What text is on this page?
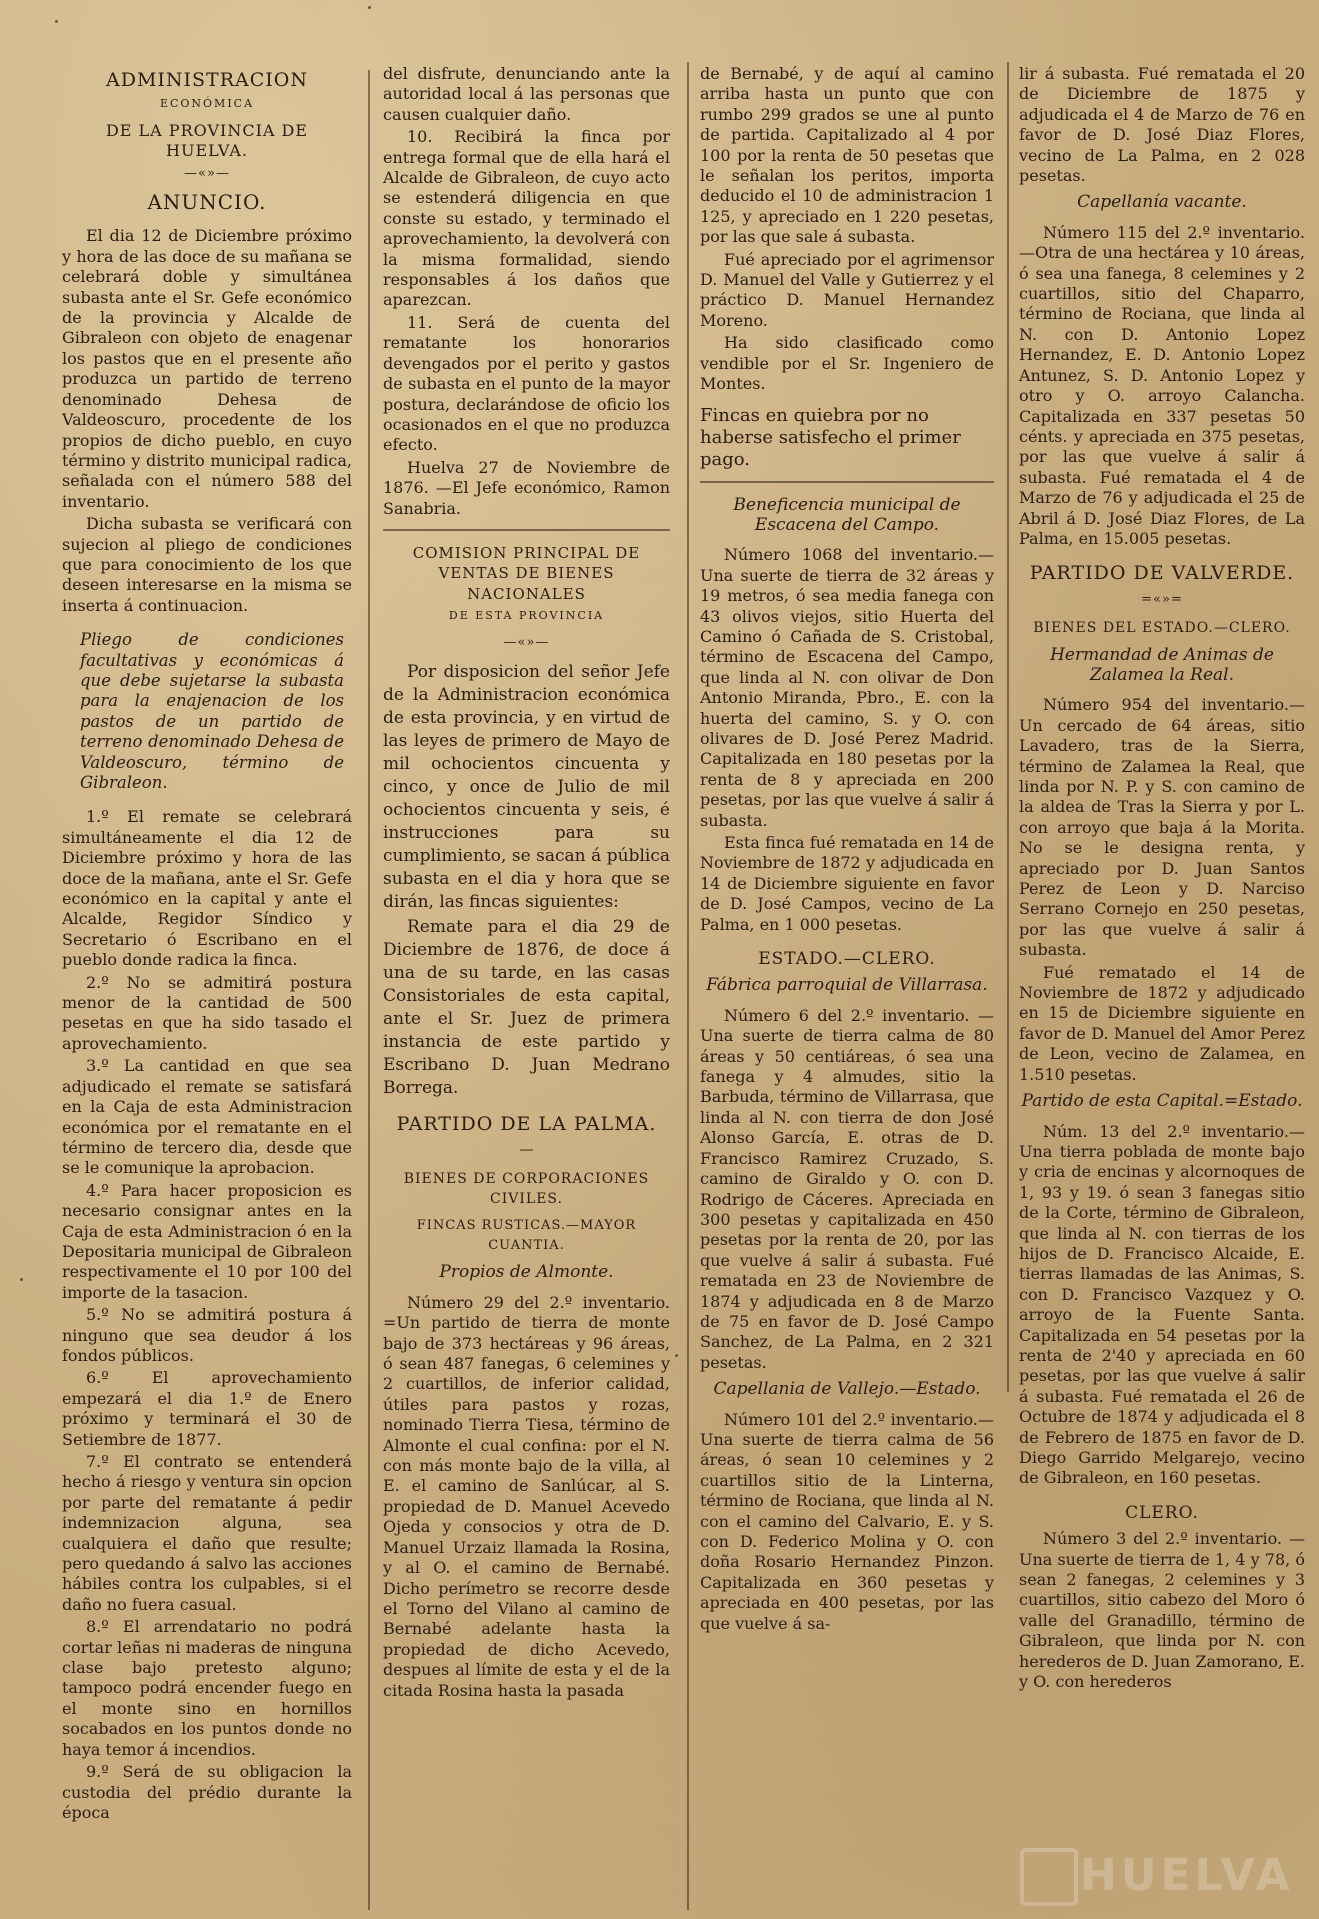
ADMINISTRACION
ECONÓMICA
DE LA PROVINCIA DE HUELVA.
—«»—
ANUNCIO.

El dia 12 de Diciembre próximo y hora de las doce de su mañana se celebrará doble y simultánea subasta ante el Sr. Gefe económico de la provincia y Alcalde de Gibraleon con objeto de enagenar los pastos que en el presente año produzca un partido de terreno denominado Dehesa de Valdeoscuro, procedente de los propios de dicho pueblo, en cuyo término y distrito municipal radica, señalada con el número 588 del inventario.

Dicha subasta se verificará con sujecion al pliego de condiciones que para conocimiento de los que deseen interesarse en la misma se inserta á continuacion.

Pliego de condiciones facultativas y económicas á que debe sujetarse la subasta para la enajenacion de los pastos de un partido de terreno denominado Dehesa de Valdeoscuro, término de Gibraleon.

1.º El remate se celebrará simultáneamente el dia 12 de Diciembre próximo y hora de las doce de la mañana, ante el Sr. Gefe económico en la capital y ante el Alcalde, Regidor Síndico y Secretario ó Escribano en el pueblo donde radica la finca.

2.º No se admitirá postura menor de la cantidad de 500 pesetas en que ha sido tasado el aprovechamiento.

3.º La cantidad en que sea adjudicado el remate se satisfará en la Caja de esta Administracion económica por el rematante en el término de tercero dia, desde que se le comunique la aprobacion.

4.º Para hacer proposicion es necesario consignar antes en la Caja de esta Administracion ó en la Depositaria municipal de Gibraleon respectivamente el 10 por 100 del importe de la tasacion.

5.º No se admitirá postura á ninguno que sea deudor á los fondos públicos.

6.º El aprovechamiento empezará el dia 1.º de Enero próximo y terminará el 30 de Setiembre de 1877.

7.º El contrato se entenderá hecho á riesgo y ventura sin opcion por parte del rematante á pedir indemnizacion alguna, sea cualquiera el daño que resulte; pero quedando á salvo las acciones hábiles contra los culpables, si el daño no fuera casual.

8.º El arrendatario no podrá cortar leñas ni maderas de ninguna clase bajo pretesto alguno; tampoco podrá encender fuego en el monte sino en hornillos socabados en los puntos donde no haya temor á incendios.

9.º Será de su obligacion la custodia del prédio durante la época

del disfrute, denunciando ante la autoridad local á las personas que causen cualquier daño.

10. Recibirá la finca por entrega formal que de ella hará el Alcalde de Gibraleon, de cuyo acto se estenderá diligencia en que conste su estado, y terminado el aprovechamiento, la devolverá con la misma formalidad, siendo responsables á los daños que aparezcan.

11. Será de cuenta del rematante los honorarios devengados por el perito y gastos de subasta en el punto de la mayor postura, declarándose de oficio los ocasionados en el que no produzca efecto.

Huelva 27 de Noviembre de 1876. —El Jefe económico, Ramon Sanabria.

COMISION PRINCIPAL DE VENTAS DE BIENES NACIONALES
DE ESTA PROVINCIA
—«»—

Por disposicion del señor Jefe de la Administracion económica de esta provincia, y en virtud de las leyes de primero de Mayo de mil ochocientos cincuenta y cinco, y once de Julio de mil ochocientos cincuenta y seis, é instrucciones para su cumplimiento, se sacan á pública subasta en el dia y hora que se dirán, las fincas siguientes:

Remate para el dia 29 de Diciembre de 1876, de doce á una de su tarde, en las casas Consistoriales de esta capital, ante el Sr. Juez de primera instancia de este partido y Escribano D. Juan Medrano Borrega.

PARTIDO DE LA PALMA.
—
BIENES DE CORPORACIONES CIVILES.
FINCAS RUSTICAS.—MAYOR CUANTIA.
Propios de Almonte.

Número 29 del 2.º inventario. =Un partido de tierra de monte bajo de 373 hectáreas y 96 áreas, ó sean 487 fanegas, 6 celemines y 2 cuartillos, de inferior calidad, útiles para pastos y rozas, nominado Tierra Tiesa, término de Almonte el cual confina: por el N. con más monte bajo de la villa, al E. el camino de Sanlúcar, al S. propiedad de D. Manuel Acevedo Ojeda y consocios y otra de D. Manuel Urzaiz llamada la Rosina, y al O. el camino de Bernabé. Dicho perímetro se recorre desde el Torno del Vilano al camino de Bernabé adelante hasta la propiedad de dicho Acevedo, despues al límite de esta y el de la citada Rosina hasta la pasada

de Bernabé, y de aquí al camino arriba hasta un punto que con rumbo 299 grados se une al punto de partida. Capitalizado al 4 por 100 por la renta de 50 pesetas que le señalan los peritos, importa deducido el 10 de administracion 1 125, y apreciado en 1 220 pesetas, por las que sale á subasta.

Fué apreciado por el agrimensor D. Manuel del Valle y Gutierrez y el práctico D. Manuel Hernandez Moreno.

Ha sido clasificado como vendible por el Sr. Ingeniero de Montes.

Fincas en quiebra por no haberse satisfecho el primer pago.
Beneficencia municipal de Escacena del Campo.

Número 1068 del inventario.— Una suerte de tierra de 32 áreas y 19 metros, ó sea media fanega con 43 olivos viejos, sitio Huerta del Camino ó Cañada de S. Cristobal, término de Escacena del Campo, que linda al N. con olivar de Don Antonio Miranda, Pbro., E. con la huerta del camino, S. y O. con olivares de D. José Perez Madrid. Capitalizada en 180 pesetas por la renta de 8 y apreciada en 200 pesetas, por las que vuelve á salir á subasta.

Esta finca fué rematada en 14 de Noviembre de 1872 y adjudicada en 14 de Diciembre siguiente en favor de D. José Campos, vecino de La Palma, en 1 000 pesetas.

ESTADO.—CLERO.
Fábrica parroquial de Villarrasa.

Número 6 del 2.º inventario. —Una suerte de tierra calma de 80 áreas y 50 centiáreas, ó sea una fanega y 4 almudes, sitio la Barbuda, término de Villarrasa, que linda al N. con tierra de don José Alonso García, E. otras de D. Francisco Ramirez Cruzado, S. camino de Giraldo y O. con D. Rodrigo de Cáceres. Apreciada en 300 pesetas y capitalizada en 450 pesetas por la renta de 20, por las que vuelve á salir á subasta. Fué rematada en 23 de Noviembre de 1874 y adjudicada en 8 de Marzo de 75 en favor de D. José Campo Sanchez, de La Palma, en 2 321 pesetas.

Capellania de Vallejo.—Estado.

Número 101 del 2.º inventario.—Una suerte de tierra calma de 56 áreas, ó sean 10 celemines y 2 cuartillos sitio de la Linterna, término de Rociana, que linda al N. con el camino del Calvario, E. y S. con D. Federico Molina y O. con doña Rosario Hernandez Pinzon. Capitalizada en 360 pesetas y apreciada en 400 pesetas, por las que vuelve á sa-

lir á subasta. Fué rematada el 20 de Diciembre de 1875 y adjudicada el 4 de Marzo de 76 en favor de D. José Diaz Flores, vecino de La Palma, en 2 028 pesetas.

Capellanía vacante.

Número 115 del 2.º inventario. —Otra de una hectárea y 10 áreas, ó sea una fanega, 8 celemines y 2 cuartillos, sitio del Chaparro, término de Rociana, que linda al N. con D. Antonio Lopez Hernandez, E. D. Antonio Lopez Antunez, S. D. Antonio Lopez y otro y O. arroyo Calancha. Capitalizada en 337 pesetas 50 cénts. y apreciada en 375 pesetas, por las que vuelve á salir á subasta. Fué rematada el 4 de Marzo de 76 y adjudicada el 25 de Abril á D. José Diaz Flores, de La Palma, en 15.005 pesetas.

PARTIDO DE VALVERDE.
=«»=
BIENES DEL ESTADO.—CLERO.
Hermandad de Animas de Zalamea la Real.

Número 954 del inventario.— Un cercado de 64 áreas, sitio Lavadero, tras de la Sierra, término de Zalamea la Real, que linda por N. P. y S. con camino de la aldea de Tras la Sierra y por L. con arroyo que baja á la Morita. No se le designa renta, y apreciado por D. Juan Santos Perez de Leon y D. Narciso Serrano Cornejo en 250 pesetas, por las que vuelve á salir á subasta.

Fué rematado el 14 de Noviembre de 1872 y adjudicado en 15 de Diciembre siguiente en favor de D. Manuel del Amor Perez de Leon, vecino de Zalamea, en 1.510 pesetas.

Partido de esta Capital.=Estado.

Núm. 13 del 2.º inventario.— Una tierra poblada de monte bajo y cria de encinas y alcornoques de 1, 93 y 19. ó sean 3 fanegas sitio de la Corte, término de Gibraleon, que linda al N. con tierras de los hijos de D. Francisco Alcaide, E. tierras llamadas de las Animas, S. con D. Francisco Vazquez y O. arroyo de la Fuente Santa. Capitalizada en 54 pesetas por la renta de 2'40 y apreciada en 60 pesetas, por las que vuelve á salir á subasta. Fué rematada el 26 de Octubre de 1874 y adjudicada el 8 de Febrero de 1875 en favor de D. Diego Garrido Melgarejo, vecino de Gibraleon, en 160 pesetas.

CLERO.

Número 3 del 2.º inventario. —Una suerte de tierra de 1, 4 y 78, ó sean 2 fanegas, 2 celemines y 3 cuartillos, sitio cabezo del Moro ó valle del Granadillo, término de Gibraleon, que linda por N. con herederos de D. Juan Zamorano, E. y O. con herederos

HUELVA
